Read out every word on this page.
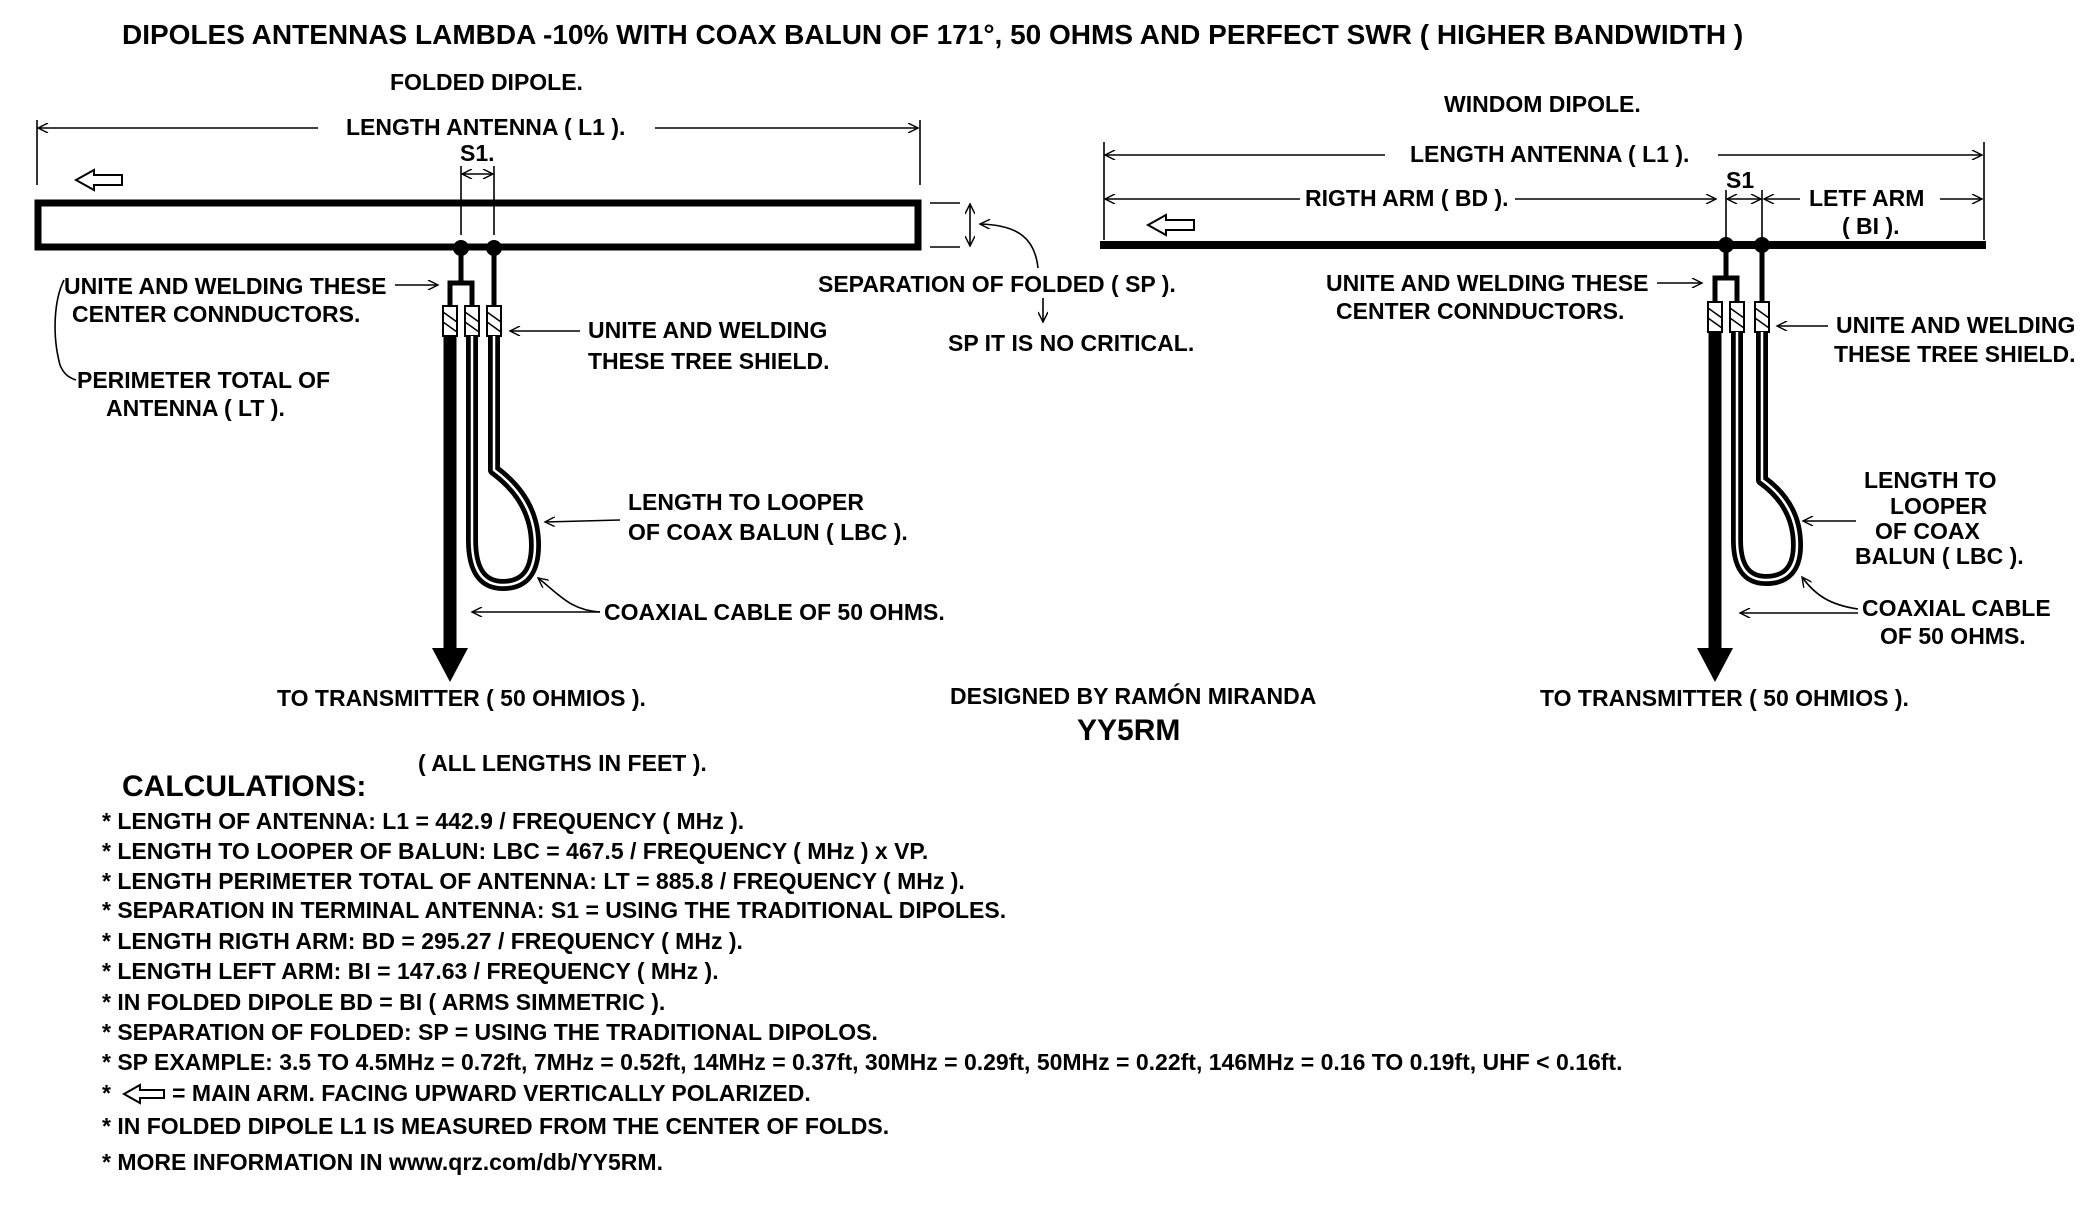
DIPOLES ANTENNAS LAMBDA -10% WITH COAX BALUN OF 171°, 50 OHMS AND PERFECT SWR ( HIGHER BANDWIDTH )
FOLDED DIPOLE.
LENGTH ANTENNA ( L1 ).
S1.
SEPARATION OF FOLDED ( SP ).
SP IT IS NO CRITICAL.
UNITE AND WELDING THESE
CENTER CONNDUCTORS.
PERIMETER TOTAL OF
ANTENNA ( LT ).
UNITE AND WELDING
THESE TREE SHIELD.
LENGTH TO LOOPER
OF COAX BALUN ( LBC ).
COAXIAL CABLE OF 50 OHMS.
TO TRANSMITTER ( 50 OHMIOS ).
WINDOM DIPOLE.
LENGTH ANTENNA ( L1 ).
RIGTH ARM ( BD ).
S1
LETF ARM
( BI ).
UNITE AND WELDING THESE
CENTER CONNDUCTORS.
UNITE AND WELDING
THESE TREE SHIELD.
LENGTH TO
LOOPER
OF COAX
BALUN ( LBC ).
COAXIAL CABLE
OF 50 OHMS.
TO TRANSMITTER ( 50 OHMIOS ).
DESIGNED BY RAMÓN MIRANDA
YY5RM
CALCULATIONS:
( ALL LENGTHS IN FEET ).
* LENGTH OF ANTENNA: L1 = 442.9 / FREQUENCY ( MHz ).
* LENGTH TO LOOPER OF BALUN: LBC = 467.5 / FREQUENCY ( MHz ) x VP.
* LENGTH PERIMETER TOTAL OF ANTENNA: LT = 885.8 / FREQUENCY ( MHz ).
* SEPARATION IN TERMINAL ANTENNA: S1 = USING THE TRADITIONAL DIPOLES.
* LENGTH RIGTH ARM: BD = 295.27 / FREQUENCY ( MHz ).
* LENGTH LEFT ARM: BI = 147.63 / FREQUENCY ( MHz ).
* IN FOLDED DIPOLE BD = BI ( ARMS SIMMETRIC ).
* SEPARATION OF FOLDED: SP = USING THE TRADITIONAL DIPOLOS.
* SP EXAMPLE: 3.5 TO 4.5MHz = 0.72ft, 7MHz = 0.52ft, 14MHz = 0.37ft, 30MHz = 0.29ft, 50MHz = 0.22ft, 146MHz = 0.16 TO 0.19ft, UHF < 0.16ft.
*	= MAIN ARM. FACING UPWARD VERTICALLY POLARIZED.
* IN FOLDED DIPOLE L1 IS MEASURED FROM THE CENTER OF FOLDS.
* MORE INFORMATION IN www.qrz.com/db/YY5RM.
